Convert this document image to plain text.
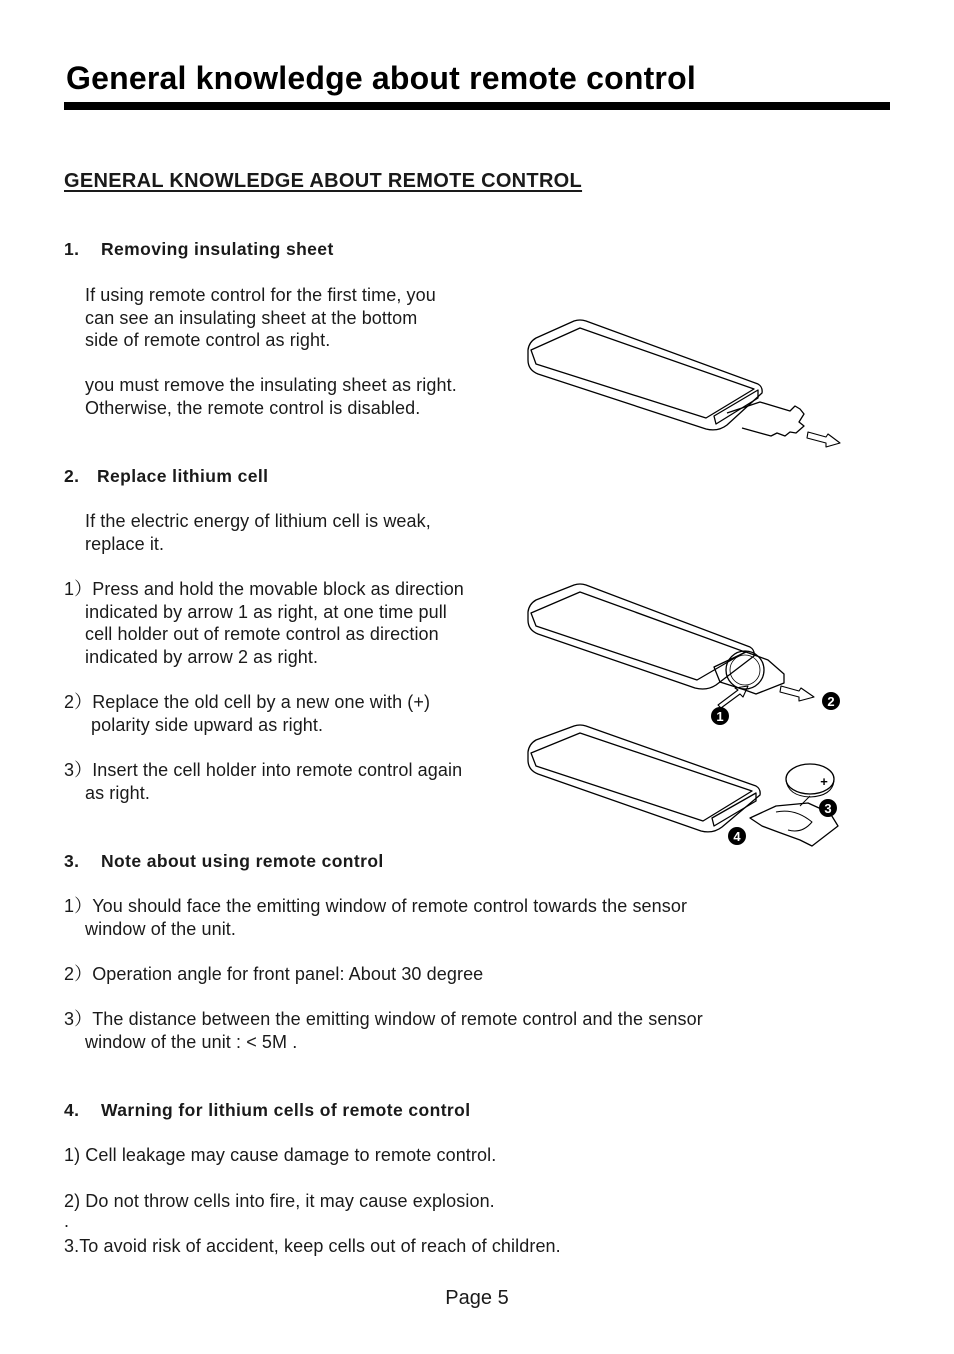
General knowledge about remote control
GENERAL KNOWLEDGE ABOUT REMOTE CONTROL
1. Removing insulating sheet
If using remote control for the first time, you
can see an insulating sheet at the bottom
side of remote control as right.
you must remove the insulating sheet as right.
Otherwise, the remote control is disabled.
2. Replace lithium cell
If the electric energy of lithium cell is weak,
replace it.
1）Press and hold the movable block as direction
indicated by arrow 1 as right, at one time pull
cell holder out of remote control as direction
indicated by arrow 2 as right.
2）Replace the old cell by a new one with (+)
polarity side upward as right.
3）Insert the cell holder into remote control again
as right.
3. Note about using remote control
1）You should face the emitting window of remote control towards the sensor
window of the unit.
2）Operation angle for front panel: About 30 degree
3）The distance between the emitting window of remote control and the sensor
window of the unit : < 5M .
4. Warning for lithium cells of remote control
1) Cell leakage may cause damage to remote control.
2) Do not throw cells into fire, it may cause explosion.
.
3.To avoid risk of accident, keep cells out of reach of children.
1
2
+
3
4
Page 5
